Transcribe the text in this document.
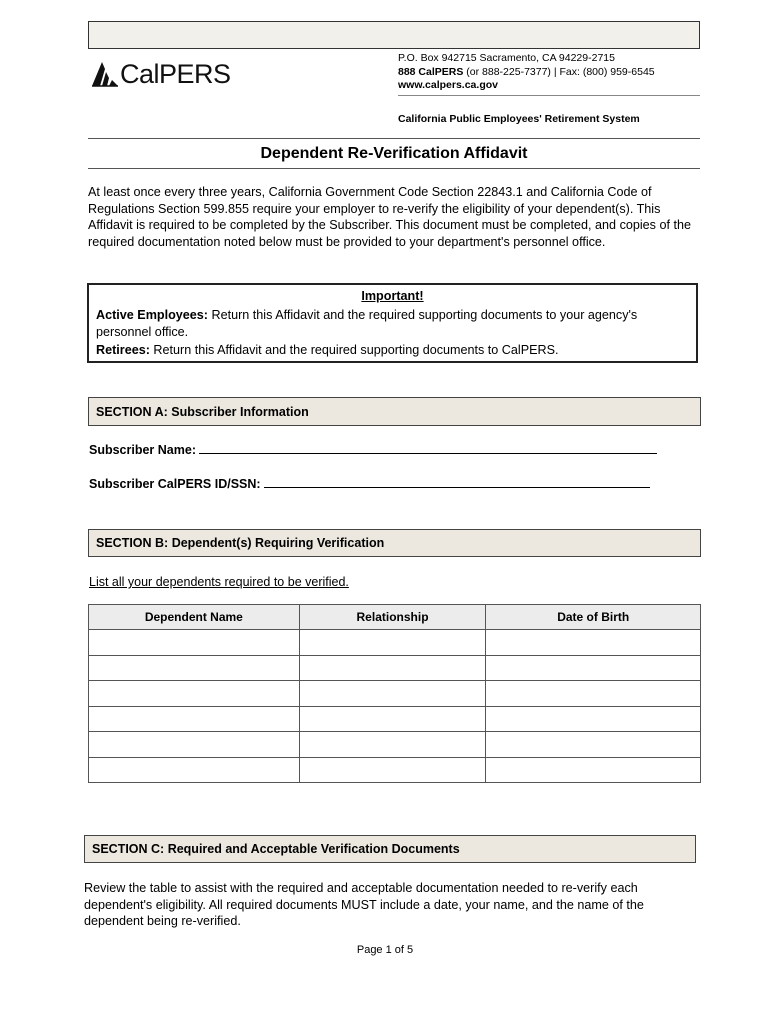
CalPERS
P.O. Box 942715 Sacramento, CA 94229-2715
888 CalPERS (or 888-225-7377) | Fax: (800) 959-6545
www.calpers.ca.gov
California Public Employees' Retirement System
Dependent Re-Verification Affidavit
At least once every three years, California Government Code Section 22843.1 and California Code of Regulations Section 599.855 require your employer to re-verify the eligibility of your dependent(s). This Affidavit is required to be completed by the Subscriber. This document must be completed, and copies of the required documentation noted below must be provided to your department's personnel office.
Important!
Active Employees: Return this Affidavit and the required supporting documents to your agency's personnel office.
Retirees: Return this Affidavit and the required supporting documents to CalPERS.
SECTION A: Subscriber Information
Subscriber Name:
Subscriber CalPERS ID/SSN:
SECTION B: Dependent(s) Requiring Verification
List all your dependents required to be verified.
Dependent Name	Relationship	Date of Birth

SECTION C: Required and Acceptable Verification Documents
Review the table to assist with the required and acceptable documentation needed to re-verify each dependent's eligibility. All required documents MUST include a date, your name, and the name of the dependent being re-verified.
Page 1 of 5
